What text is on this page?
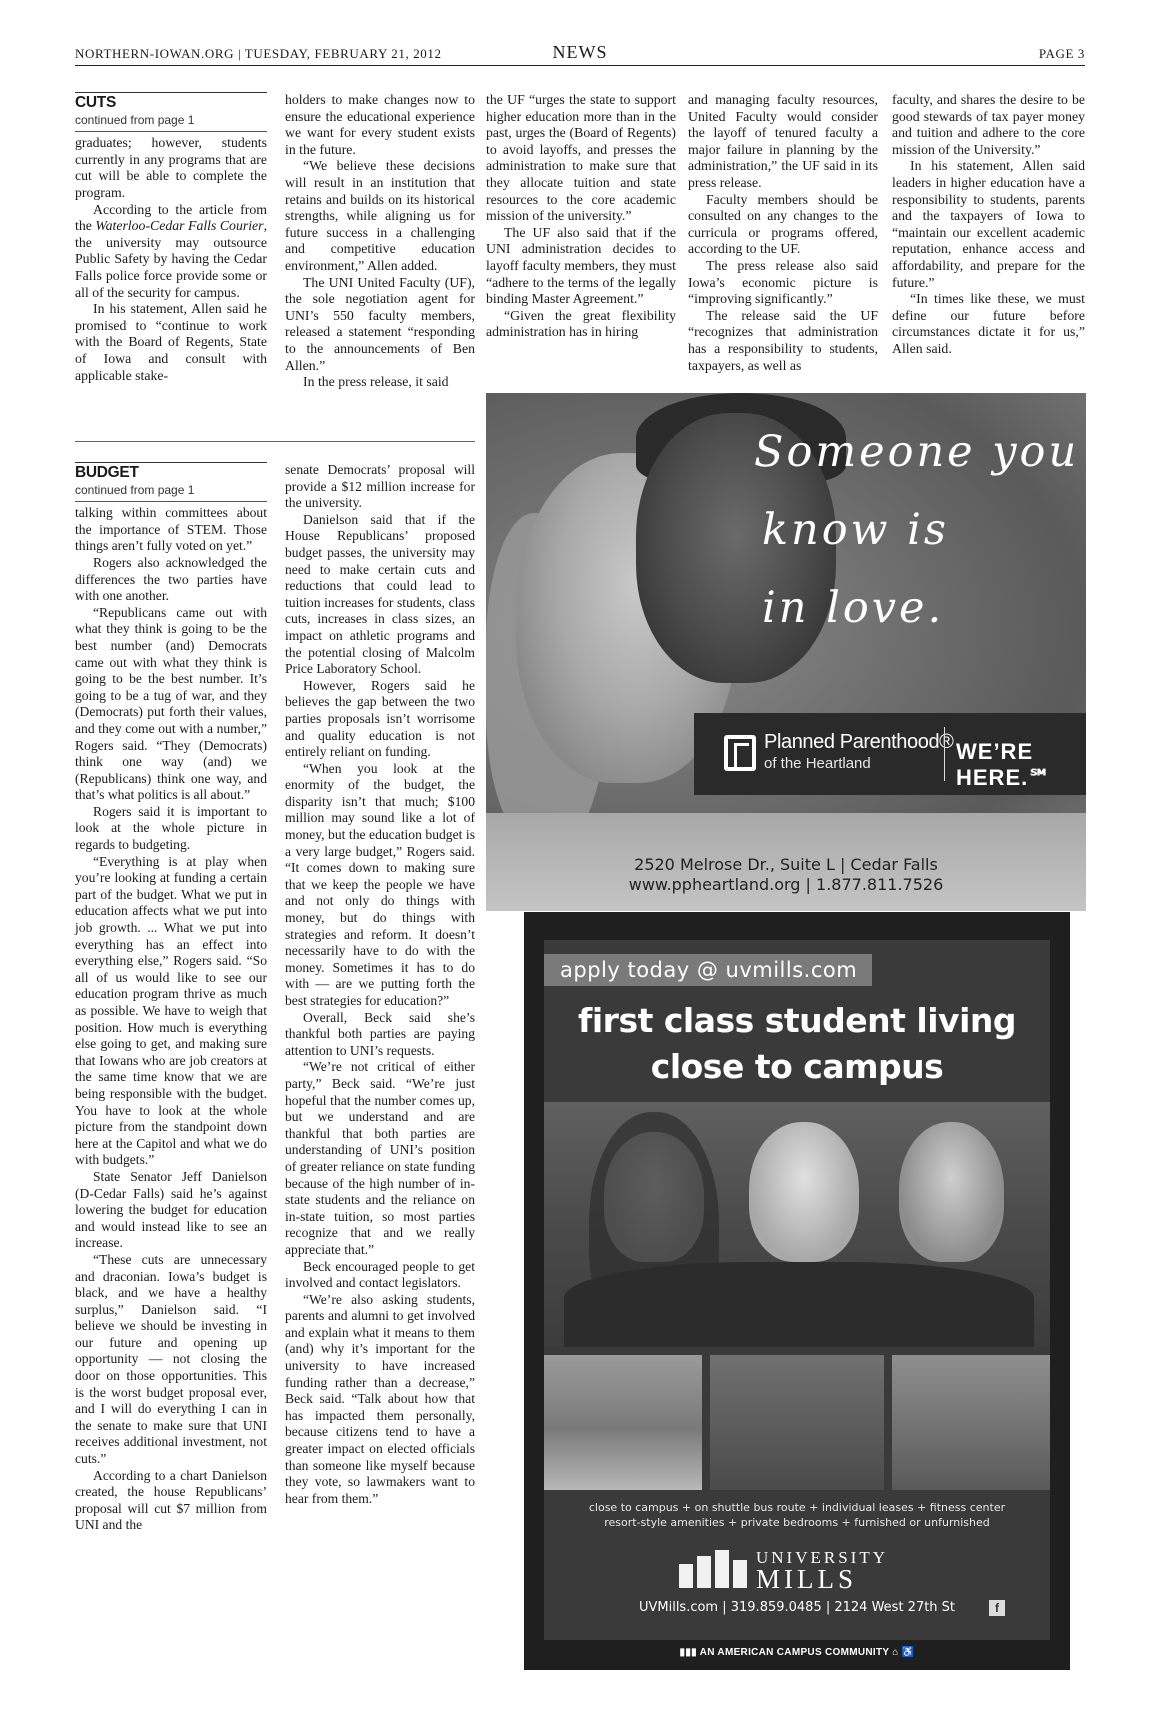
NORTHERN-IOWAN.ORG | TUESDAY, FEBRUARY 21, 2012	NEWS	PAGE 3
CUTS
continued from page 1

graduates; however, students currently in any programs that are cut will be able to complete the program.

According to the article from the Waterloo-Cedar Falls Courier, the university may outsource Public Safety by having the Cedar Falls police force provide some or all of the security for campus.

In his statement, Allen said he promised to “continue to work with the Board of Regents, State of Iowa and consult with applicable stake-

holders to make changes now to ensure the educational experience we want for every student exists in the future.

“We believe these decisions will result in an institution that retains and builds on its historical strengths, while aligning us for future success in a challenging and competitive education environment,” Allen added.

The UNI United Faculty (UF), the sole negotiation agent for UNI’s 550 faculty members, released a statement “responding to the announcements of Ben Allen.”

In the press release, it said

the UF “urges the state to support higher education more than in the past, urges the (Board of Regents) to avoid layoffs, and presses the administration to make sure that they allocate tuition and state resources to the core academic mission of the university.”

The UF also said that if the UNI administration decides to layoff faculty members, they must “adhere to the terms of the legally binding Master Agreement.”

“Given the great flexibility administration has in hiring

and managing faculty resources, United Faculty would consider the layoff of tenured faculty a major failure in planning by the administration,” the UF said in its press release.

Faculty members should be consulted on any changes to the curricula or programs offered, according to the UF.

The press release also said Iowa’s economic picture is “improving significantly.”

The release said the UF “recognizes that administration has a responsibility to students, taxpayers, as well as

faculty, and shares the desire to be good stewards of tax payer money and tuition and adhere to the core mission of the University.”

In his statement, Allen said leaders in higher education have a responsibility to students, parents and the taxpayers of Iowa to “maintain our excellent academic reputation, enhance access and affordability, and prepare for the future.”

“In times like these, we must define our future before circumstances dictate it for us,” Allen said.

BUDGET
continued from page 1

talking within committees about the importance of STEM. Those things aren’t fully voted on yet.”

Rogers also acknowledged the differences the two parties have with one another.

“Republicans came out with what they think is going to be the best number (and) Democrats came out with what they think is going to be the best number. It’s going to be a tug of war, and they (Democrats) put forth their values, and they come out with a number,” Rogers said. “They (Democrats) think one way (and) we (Republicans) think one way, and that’s what politics is all about.”

Rogers said it is important to look at the whole picture in regards to budgeting.

“Everything is at play when you’re looking at funding a certain part of the budget. What we put in education affects what we put into job growth. ... What we put into everything has an effect into everything else,” Rogers said. “So all of us would like to see our education program thrive as much as possible. We have to weigh that position. How much is everything else going to get, and making sure that Iowans who are job creators at the same time know that we are being responsible with the budget. You have to look at the whole picture from the standpoint down here at the Capitol and what we do with budgets.”

State Senator Jeff Danielson (D-Cedar Falls) said he’s against lowering the budget for education and would instead like to see an increase.

“These cuts are unnecessary and draconian. Iowa’s budget is black, and we have a healthy surplus,” Danielson said. “I believe we should be investing in our future and opening up opportunity — not closing the door on those opportunities. This is the worst budget proposal ever, and I will do everything I can in the senate to make sure that UNI receives additional investment, not cuts.”

According to a chart Danielson created, the house Republicans’ proposal will cut $7 million from UNI and the

senate Democrats’ proposal will provide a $12 million increase for the university.

Danielson said that if the House Republicans’ proposed budget passes, the university may need to make certain cuts and reductions that could lead to tuition increases for students, class cuts, increases in class sizes, an impact on athletic programs and the potential closing of Malcolm Price Laboratory School.

However, Rogers said he believes the gap between the two parties proposals isn’t worrisome and quality education is not entirely reliant on funding.

“When you look at the enormity of the budget, the disparity isn’t that much; $100 million may sound like a lot of money, but the education budget is a very large budget,” Rogers said. “It comes down to making sure that we keep the people we have and not only do things with money, but do things with strategies and reform. It doesn’t necessarily have to do with the money. Sometimes it has to do with — are we putting forth the best strategies for education?”

Overall, Beck said she’s thankful both parties are paying attention to UNI’s requests.

“We’re not critical of either party,” Beck said. “We’re just hopeful that the number comes up, but we understand and are thankful that both parties are understanding of UNI’s position of greater reliance on state funding because of the high number of in-state students and the reliance on in-state tuition, so most parties recognize that and we really appreciate that.”

Beck encouraged people to get involved and contact legislators.

“We’re also asking students, parents and alumni to get involved and explain what it means to them (and) why it’s important for the university to have increased funding rather than a decrease,” Beck said. “Talk about how that has impacted them personally, because citizens tend to have a greater impact on elected officials than someone like myself because they vote, so lawmakers want to hear from them.”

Someone you
know is
in love.
Planned Parenthood®
of the Heartland	WE’RE HERE.℠
2520 Melrose Dr., Suite L | Cedar Falls
www.ppheartland.org | 1.877.811.7526
apply today @ uvmills.com
first class student living
close to campus
close to campus + on shuttle bus route + individual leases + fitness center
resort-style amenities + private bedrooms + furnished or unfurnished
UNIVERSITY
MILLS
UVMills.com | 319.859.0485 | 2124 West 27th St	f
▮▮▮ AN AMERICAN CAMPUS COMMUNITY ⌂ ♿
